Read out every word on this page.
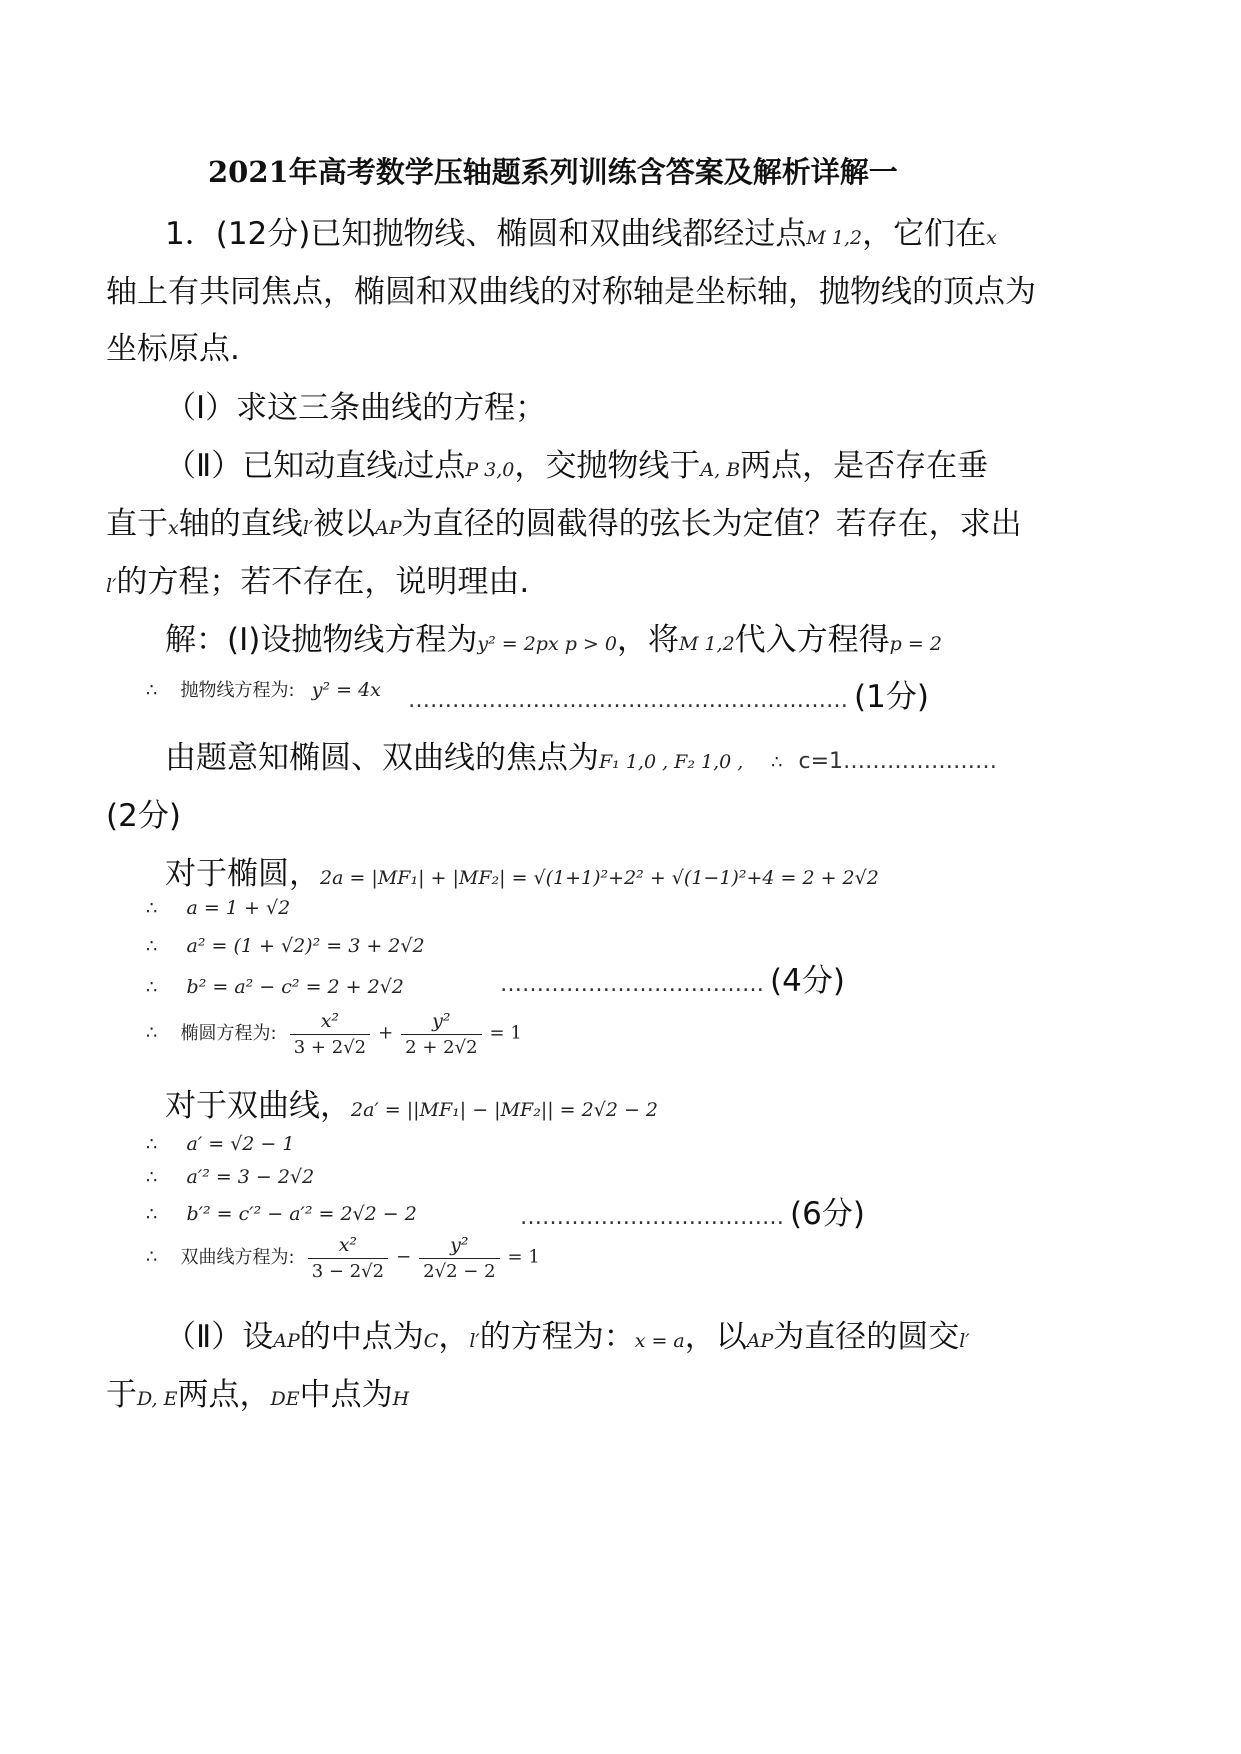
2021年高考数学压轴题系列训练含答案及解析详解一
1．(12分)已知抛物线、椭圆和双曲线都经过点M 1,2，它们在x
轴上有共同焦点，椭圆和双曲线的对称轴是坐标轴，抛物线的顶点为
坐标原点.
（Ⅰ）求这三条曲线的方程；
（Ⅱ）已知动直线l过点P 3,0，交抛物线于A, B两点，是否存在垂
直于x轴的直线l′被以AP为直径的圆截得的弦长为定值？若存在，求出
l′的方程；若不存在，说明理由.
解：(Ⅰ)设抛物线方程为y² = 2px p > 0，将M 1,2代入方程得p = 2
∴ 抛物线方程为: y² = 4x …………………………………………………… (1分)
由题意知椭圆、双曲线的焦点为F₁ 1,0 , F₂ 1,0 , ∴ c=1…………………
(2分)
对于椭圆，2a = |MF₁| + |MF₂| = √(1+1)²+2² + √(1−1)²+4 = 2 + 2√2
∴ a = 1 + √2
∴ a² = (1 + √2)² = 3 + 2√2
∴ b² = a² − c² = 2 + 2√2	……………………………… (4分)
∴ 椭圆方程为: $\frac{\text{x²}}{3 + 2√2} + \frac{\text{y²}}{2 + 2√2} = 1$
对于双曲线，2a′ = ||MF₁| − |MF₂|| = 2√2 − 2
∴ a′ = √2 − 1
∴ a′² = 3 − 2√2
∴ b′² = c′² − a′² = 2√2 − 2	……………………………… (6分)
∴ 双曲线方程为: $\frac{\text{x²}}{3 - 2√2} - \frac{\text{y²}}{2√2 - 2} = 1$
（Ⅱ）设AP的中点为C，l′的方程为：x = a，以AP为直径的圆交l′
于D, E两点，DE中点为H
